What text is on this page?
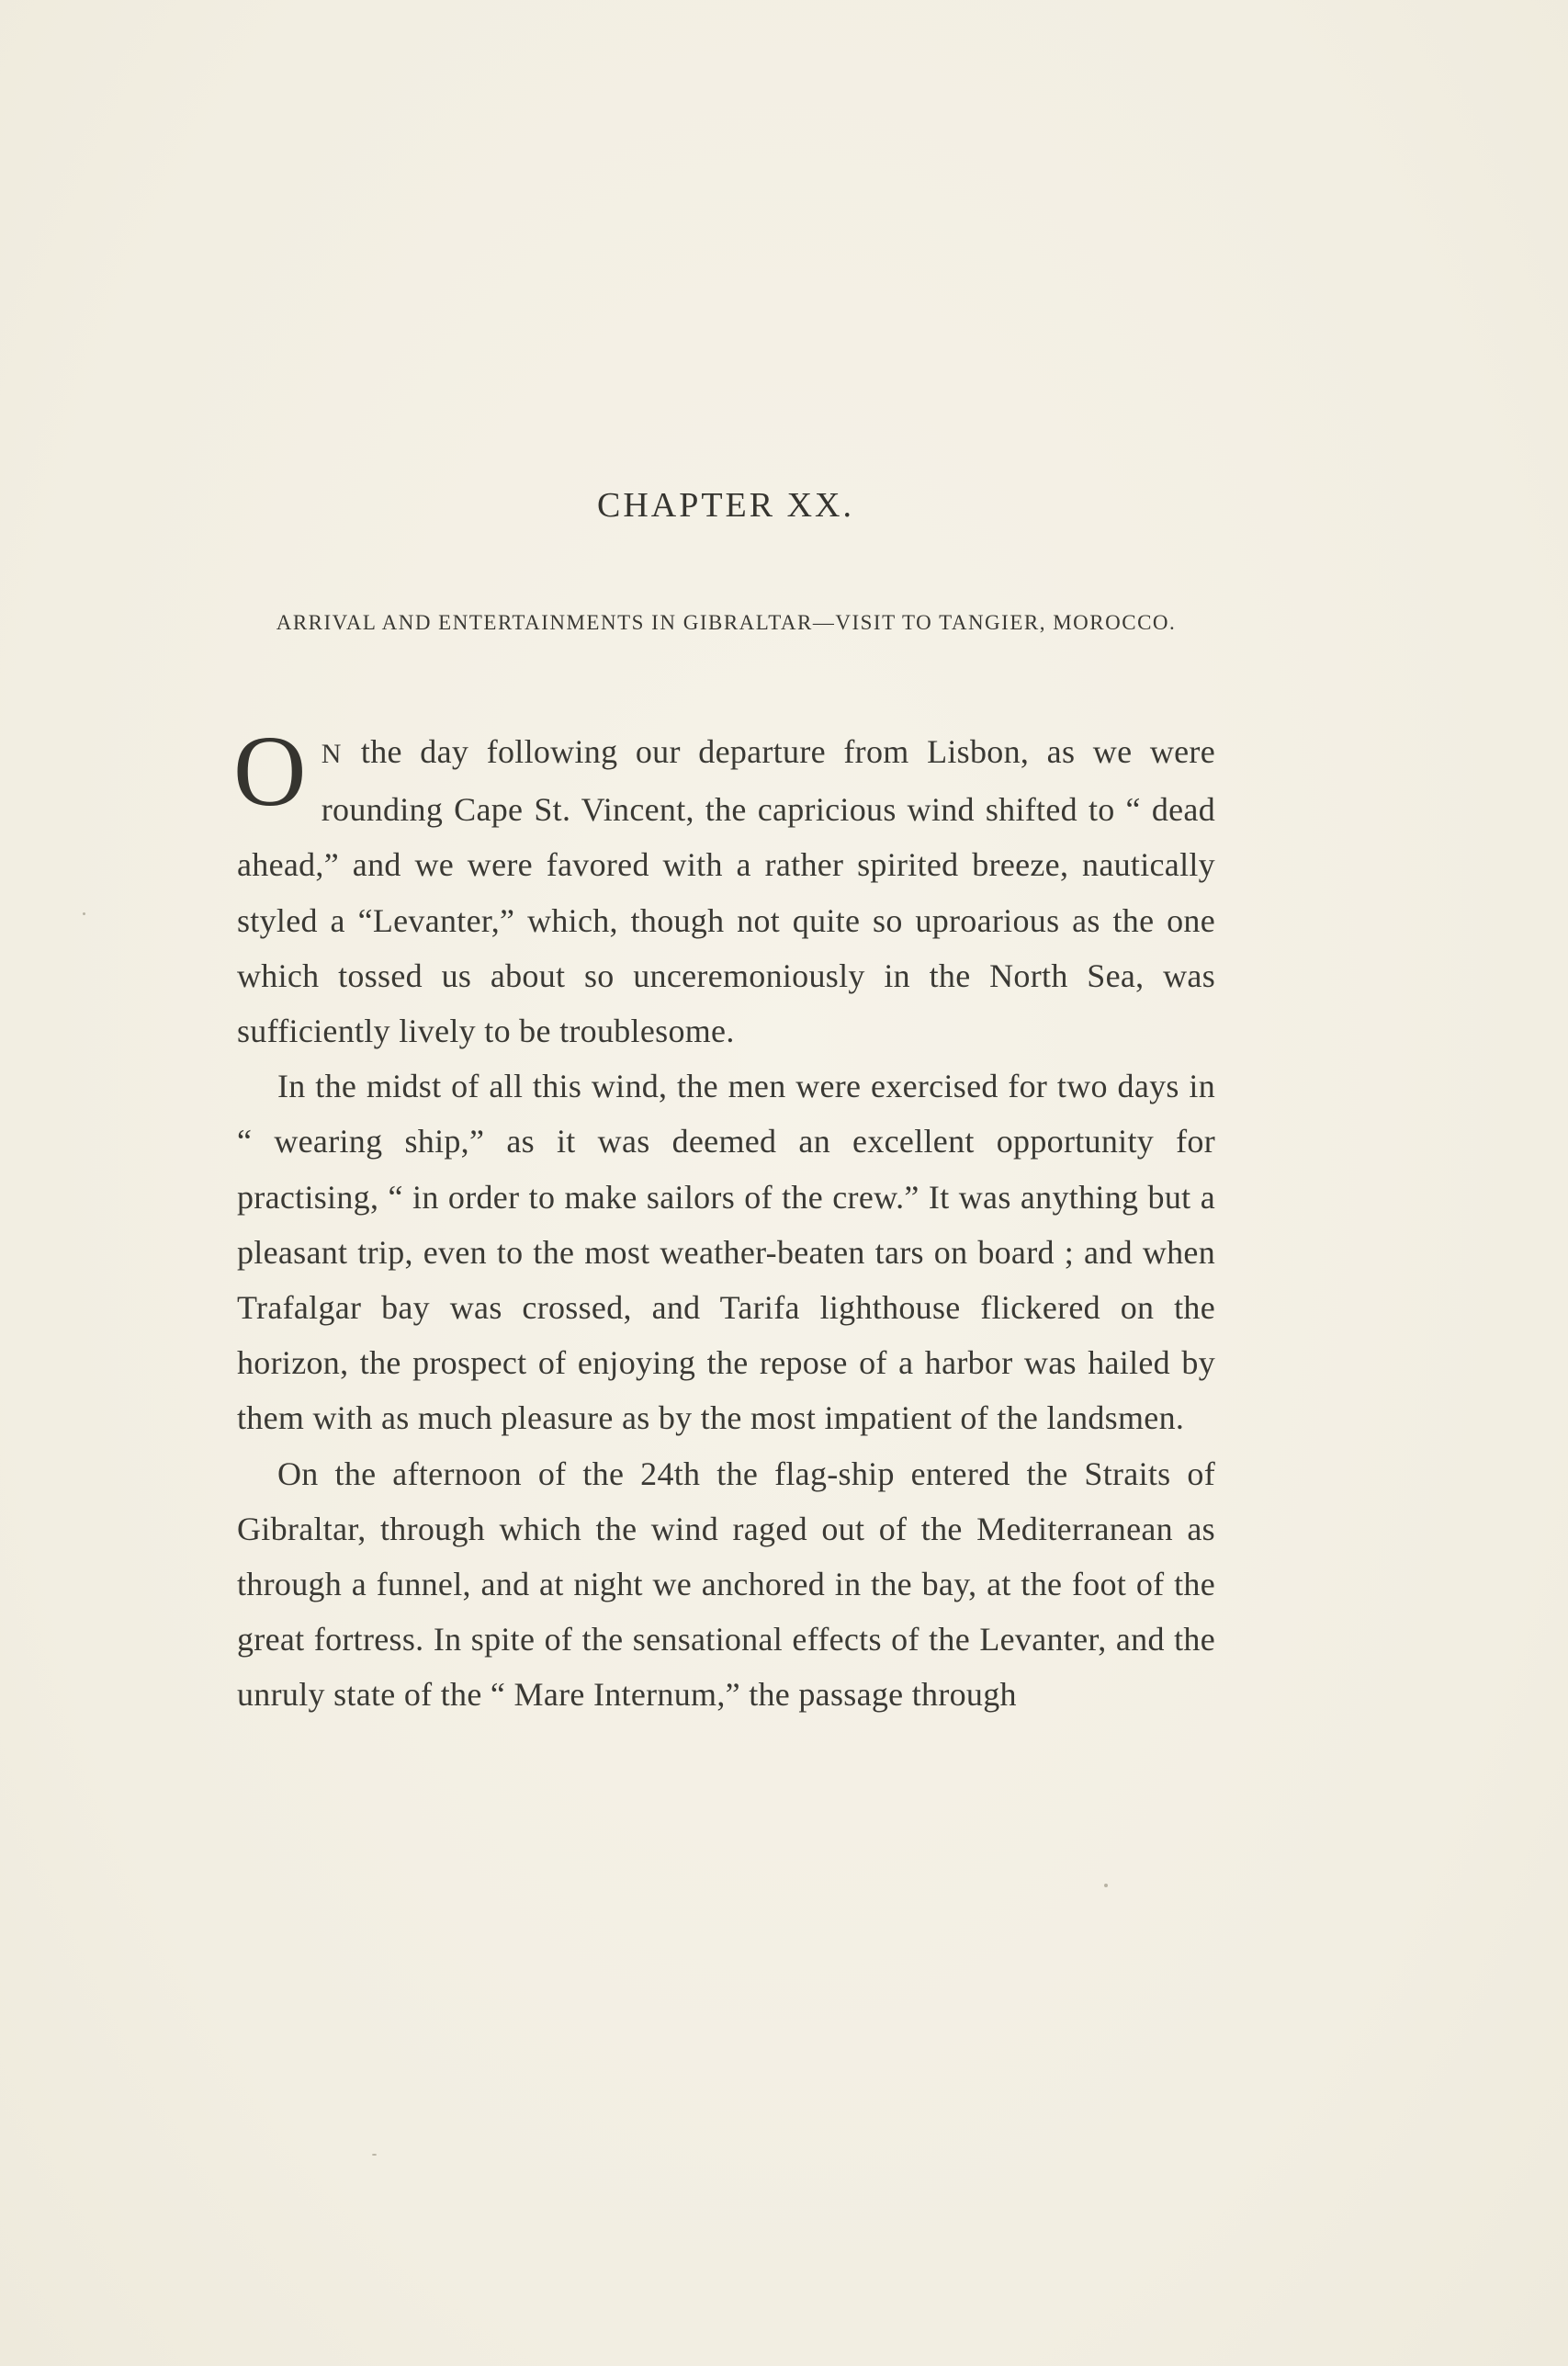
CHAPTER XX.

ARRIVAL AND ENTERTAINMENTS IN GIBRALTAR—VISIT TO TANGIER, MOROCCO.

O N the day following our departure from Lisbon, as we were rounding Cape St. Vincent, the capricious wind shifted to “ dead ahead,” and we were favored with a rather spirited breeze, nautically styled a “Levanter,” which, though not quite so uproarious as the one which tossed us about so unceremoniously in the North Sea, was sufficiently lively to be troublesome.

In the midst of all this wind, the men were exercised for two days in “ wearing ship,” as it was deemed an excellent opportunity for practising, “ in order to make sailors of the crew.” It was anything but a pleasant trip, even to the most weather-beaten tars on board ; and when Trafalgar bay was crossed, and Tarifa lighthouse flickered on the horizon, the prospect of enjoying the repose of a harbor was hailed by them with as much pleasure as by the most impatient of the landsmen.

On the afternoon of the 24th the flag-ship entered the Straits of Gibraltar, through which the wind raged out of the Mediterranean as through a funnel, and at night we anchored in the bay, at the foot of the great fortress. In spite of the sensational effects of the Levanter, and the unruly state of the “ Mare Internum,” the passage through
